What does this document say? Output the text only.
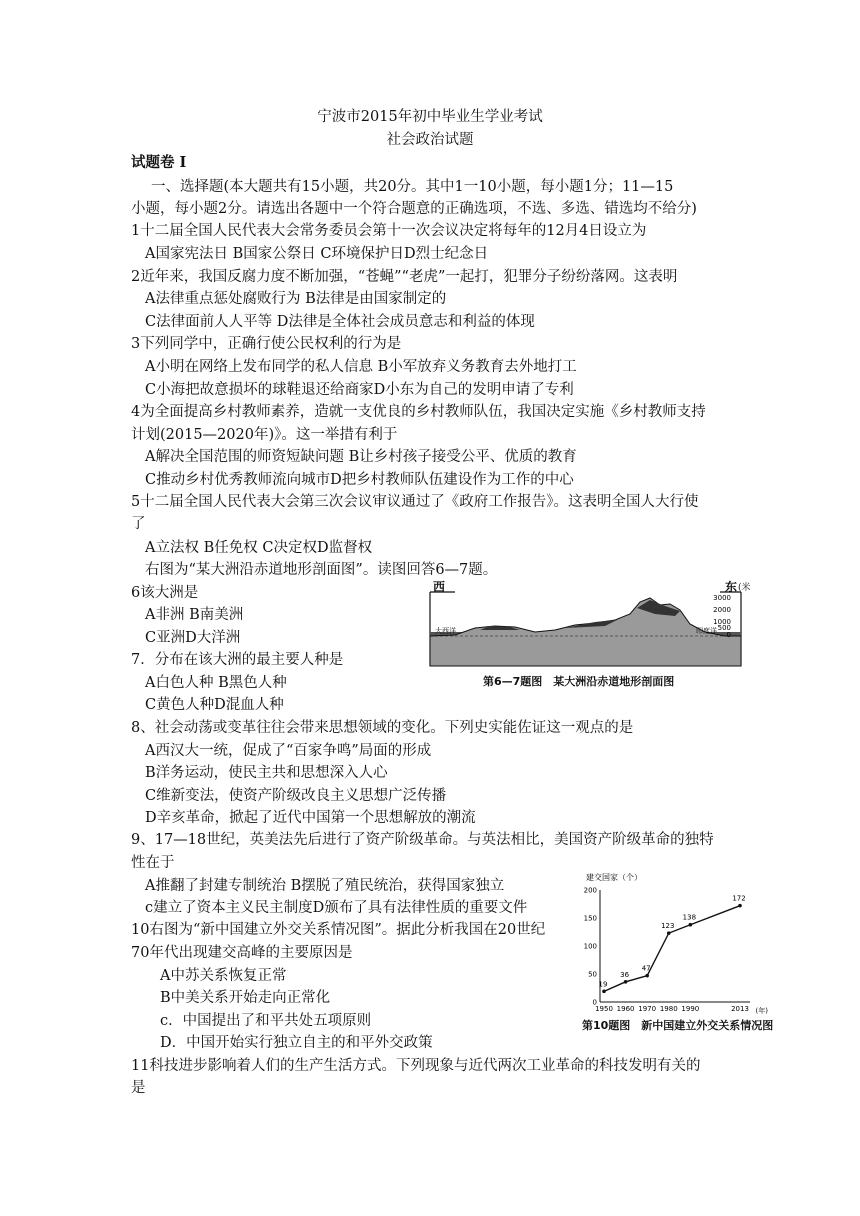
宁波市2015年初中毕业生学业考试
社会政治试题
试题卷 Ⅰ
一、选择题(本大题共有15小题，共20分。其中1一10小题，每小题1分；11—15
小题，每小题2分。请选出各题中一个符合题意的正确选项，不选、多选、错选均不给分)
1十二届全国人民代表大会常务委员会第十一次会议决定将每年的12月4日设立为
A国家宪法日 B国家公祭日 C环境保护日D烈士纪念日
2近年来，我国反腐力度不断加强，“苍蝇”“老虎”一起打，犯罪分子纷纷落网。这表明
A法律重点惩处腐败行为 B法律是由国家制定的
C法律面前人人平等 D法律是全体社会成员意志和利益的体现
3下列同学中，正确行使公民权利的行为是
A小明在网络上发布同学的私人信息 B小军放弃义务教育去外地打工
C小海把故意损坏的球鞋退还给商家D小东为自己的发明申请了专利
4为全面提高乡村教师素养，造就一支优良的乡村教师队伍，我国决定实施《乡村教师支持
计划(2015—2020年)》。这一举措有利于
A解决全国范围的师资短缺问题 B让乡村孩子接受公平、优质的教育
C推动乡村优秀教师流向城市D把乡村教师队伍建设作为工作的中心
5十二届全国人民代表大会第三次会议审议通过了《政府工作报告》。这表明全国人大行使
了
A立法权 B任免权 C决定权D监督权
右图为“某大洲沿赤道地形剖面图”。读图回答6—7题。
6该大洲是
A非洲 B南美洲
C亚洲D大洋洲
7．分布在该大洲的最主要人种是
A白色人种 B黑色人种
C黄色人种D混血人种
8、社会动荡或变革往往会带来思想领域的变化。下列史实能佐证这一观点的是
A西汉大一统，促成了“百家争鸣”局面的形成
B洋务运动，使民主共和思想深入人心
C维新变法，使资产阶级改良主义思想广泛传播
D辛亥革命，掀起了近代中国第一个思想解放的潮流
9、17—18世纪，英美法先后进行了资产阶级革命。与英法相比，美国资产阶级革命的独特
性在于
A推翻了封建专制统治 B摆脱了殖民统治，获得国家独立
c建立了资本主义民主制度D颁布了具有法律性质的重要文件
10右图为“新中国建立外交关系情况图”。据此分析我国在20世纪
70年代出现建交高峰的主要原因是
A中苏关系恢复正常
B中美关系开始走向正常化
c．中国提出了和平共处五项原则
D．中国开始实行独立自主的和平外交政策
11科技进步影响着人们的生产生活方式。下列现象与近代两次工业革命的科技发明有关的
是
3000
2000
1000
500
0
大西洋	印度洋
西	东 (米
第6—7题图　某大洲沿赤道地形剖面图
建交国家（个）
0
50
100
150
200
1950 1960 1970 1980 1990	2013
19
36
47
123
138
172
(年)
第10题图　新中国建立外交关系情况图
